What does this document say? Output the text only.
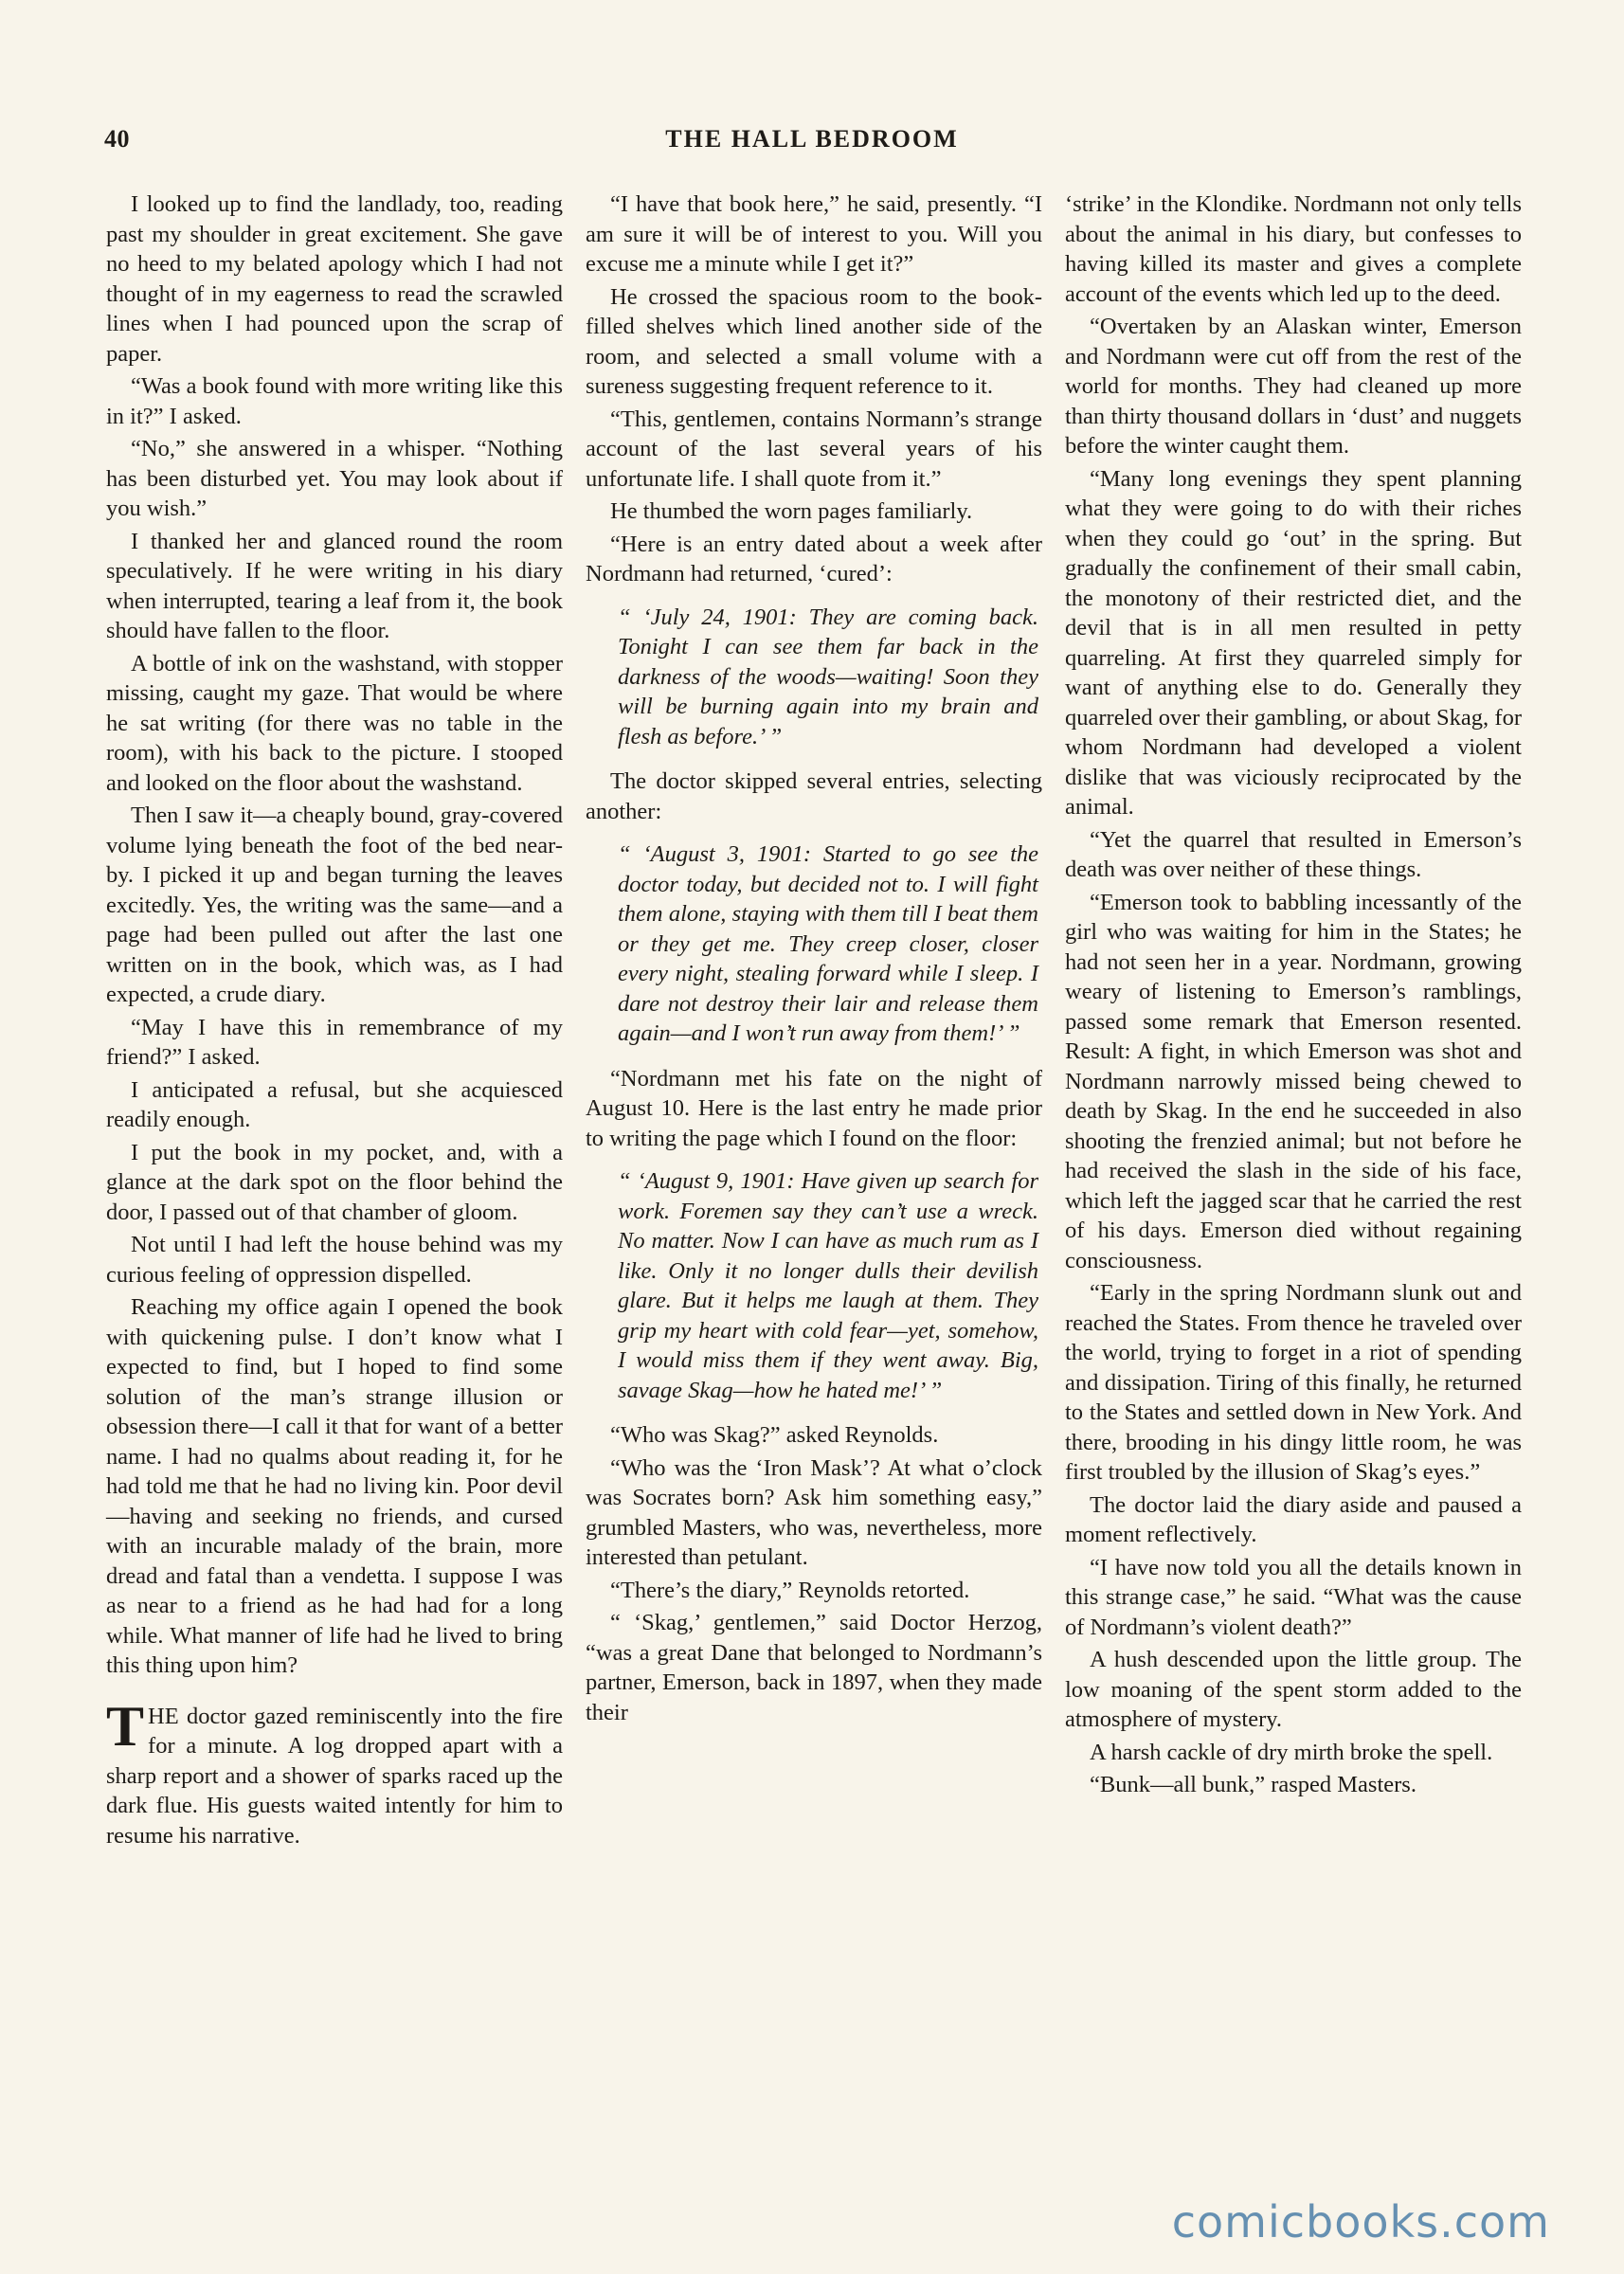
40	THE HALL BEDROOM

I looked up to find the landlady, too, reading past my shoulder in great excitement. She gave no heed to my belated apology which I had not thought of in my eagerness to read the scrawled lines when I had pounced upon the scrap of paper.

“Was a book found with more writing like this in it?” I asked.

“No,” she answered in a whisper. “Nothing has been disturbed yet. You may look about if you wish.”

I thanked her and glanced round the room speculatively. If he were writing in his diary when interrupted, tearing a leaf from it, the book should have fallen to the floor.

A bottle of ink on the washstand, with stopper missing, caught my gaze. That would be where he sat writing (for there was no table in the room), with his back to the picture. I stooped and looked on the floor about the washstand.

Then I saw it—a cheaply bound, gray-covered volume lying beneath the foot of the bed near-by. I picked it up and began turning the leaves excitedly. Yes, the writing was the same—and a page had been pulled out after the last one written on in the book, which was, as I had expected, a crude diary.

“May I have this in remembrance of my friend?” I asked.

I anticipated a refusal, but she acquiesced readily enough.

I put the book in my pocket, and, with a glance at the dark spot on the floor behind the door, I passed out of that chamber of gloom.

Not until I had left the house behind was my curious feeling of oppression dispelled.

Reaching my office again I opened the book with quickening pulse. I don’t know what I expected to find, but I hoped to find some solution of the man’s strange illusion or obsession there—I call it that for want of a better name. I had no qualms about reading it, for he had told me that he had no living kin. Poor devil—having and seeking no friends, and cursed with an incurable malady of the brain, more dread and fatal than a vendetta. I suppose I was as near to a friend as he had had for a long while. What manner of life had he lived to bring this thing upon him?

THE doctor gazed reminiscently into the fire for a minute. A log dropped apart with a sharp report and a shower of sparks raced up the dark flue. His guests waited intently for him to resume his narrative.

“I have that book here,” he said, presently. “I am sure it will be of interest to you. Will you excuse me a minute while I get it?”

He crossed the spacious room to the book-filled shelves which lined another side of the room, and selected a small volume with a sureness suggesting frequent reference to it.

“This, gentlemen, contains Normann’s strange account of the last several years of his unfortunate life. I shall quote from it.”

He thumbed the worn pages familiarly.

“Here is an entry dated about a week after Nordmann had returned, ‘cured’:

“ ‘July 24, 1901: They are coming back. Tonight I can see them far back in the darkness of the woods—waiting! Soon they will be burning again into my brain and flesh as before.’ ”

The doctor skipped several entries, selecting another:

“ ‘August 3, 1901: Started to go see the doctor today, but decided not to. I will fight them alone, staying with them till I beat them or they get me. They creep closer, closer every night, stealing forward while I sleep. I dare not destroy their lair and release them again—and I won’t run away from them!’ ”

“Nordmann met his fate on the night of August 10. Here is the last entry he made prior to writing the page which I found on the floor:

“ ‘August 9, 1901: Have given up search for work. Foremen say they can’t use a wreck. No matter. Now I can have as much rum as I like. Only it no longer dulls their devilish glare. But it helps me laugh at them. They grip my heart with cold fear—yet, somehow, I would miss them if they went away. Big, savage Skag—how he hated me!’ ”

“Who was Skag?” asked Reynolds.

“Who was the ‘Iron Mask’? At what o’clock was Socrates born? Ask him something easy,” grumbled Masters, who was, nevertheless, more interested than petulant.

“There’s the diary,” Reynolds retorted.

“ ‘Skag,’ gentlemen,” said Doctor Herzog, “was a great Dane that belonged to Nordmann’s partner, Emerson, back in 1897, when they made their

‘strike’ in the Klondike. Nordmann not only tells about the animal in his diary, but confesses to having killed its master and gives a complete account of the events which led up to the deed.

“Overtaken by an Alaskan winter, Emerson and Nordmann were cut off from the rest of the world for months. They had cleaned up more than thirty thousand dollars in ‘dust’ and nuggets before the winter caught them.

“Many long evenings they spent planning what they were going to do with their riches when they could go ‘out’ in the spring. But gradually the confinement of their small cabin, the monotony of their restricted diet, and the devil that is in all men resulted in petty quarreling. At first they quarreled simply for want of anything else to do. Generally they quarreled over their gambling, or about Skag, for whom Nordmann had developed a violent dislike that was viciously reciprocated by the animal.

“Yet the quarrel that resulted in Emerson’s death was over neither of these things.

“Emerson took to babbling incessantly of the girl who was waiting for him in the States; he had not seen her in a year. Nordmann, growing weary of listening to Emerson’s ramblings, passed some remark that Emerson resented. Result: A fight, in which Emerson was shot and Nordmann narrowly missed being chewed to death by Skag. In the end he succeeded in also shooting the frenzied animal; but not before he had received the slash in the side of his face, which left the jagged scar that he carried the rest of his days. Emerson died without regaining consciousness.

“Early in the spring Nordmann slunk out and reached the States. From thence he traveled over the world, trying to forget in a riot of spending and dissipation. Tiring of this finally, he returned to the States and settled down in New York. And there, brooding in his dingy little room, he was first troubled by the illusion of Skag’s eyes.”

The doctor laid the diary aside and paused a moment reflectively.

“I have now told you all the details known in this strange case,” he said. “What was the cause of Nordmann’s violent death?”

A hush descended upon the little group. The low moaning of the spent storm added to the atmosphere of mystery.

A harsh cackle of dry mirth broke the spell.

“Bunk—all bunk,” rasped Masters.

comicbooks.com
